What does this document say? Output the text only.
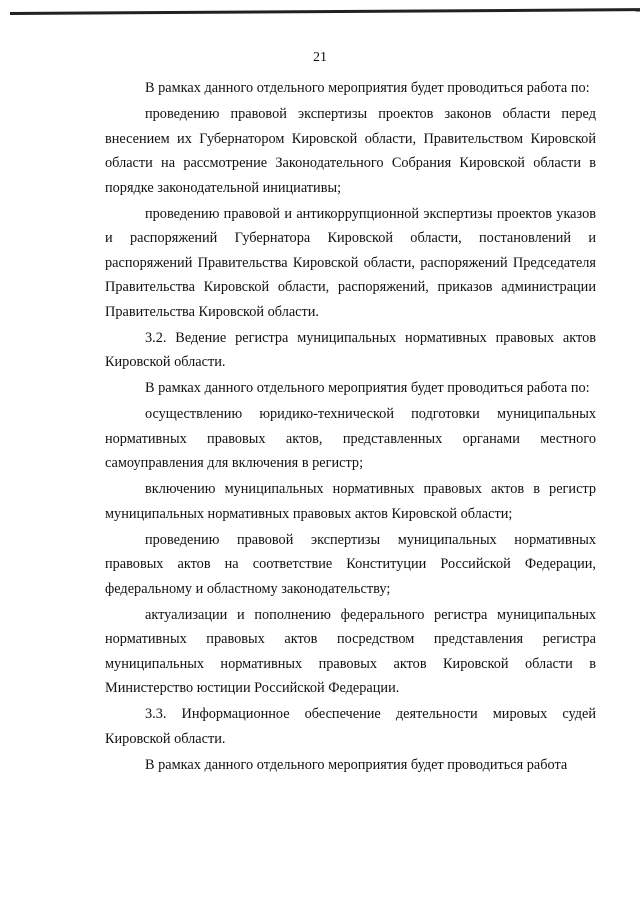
21

В рамках данного отдельного мероприятия будет проводиться работа по:

проведению правовой экспертизы проектов законов области перед внесением их Губернатором Кировской области, Правительством Кировской области на рассмотрение Законодательного Собрания Кировской области в порядке законодательной инициативы;

проведению правовой и антикоррупционной экспертизы проектов указов и распоряжений Губернатора Кировской области, постановлений и распоряжений Правительства Кировской области, распоряжений Председателя Правительства Кировской области, распоряжений, приказов администрации Правительства Кировской области.

3.2. Ведение регистра муниципальных нормативных правовых актов Кировской области.

В рамках данного отдельного мероприятия будет проводиться работа по:

осуществлению юридико-технической подготовки муниципальных нормативных правовых актов, представленных органами местного самоуправления для включения в регистр;

включению муниципальных нормативных правовых актов в регистр муниципальных нормативных правовых актов Кировской области;

проведению правовой экспертизы муниципальных нормативных правовых актов на соответствие Конституции Российской Федерации, федеральному и областному законодательству;

актуализации и пополнению федерального регистра муниципальных нормативных правовых актов посредством представления регистра муниципальных нормативных правовых актов Кировской области в Министерство юстиции Российской Федерации.

3.3. Информационное обеспечение деятельности мировых судей Кировской области.

В рамках данного отдельного мероприятия будет проводиться работа
